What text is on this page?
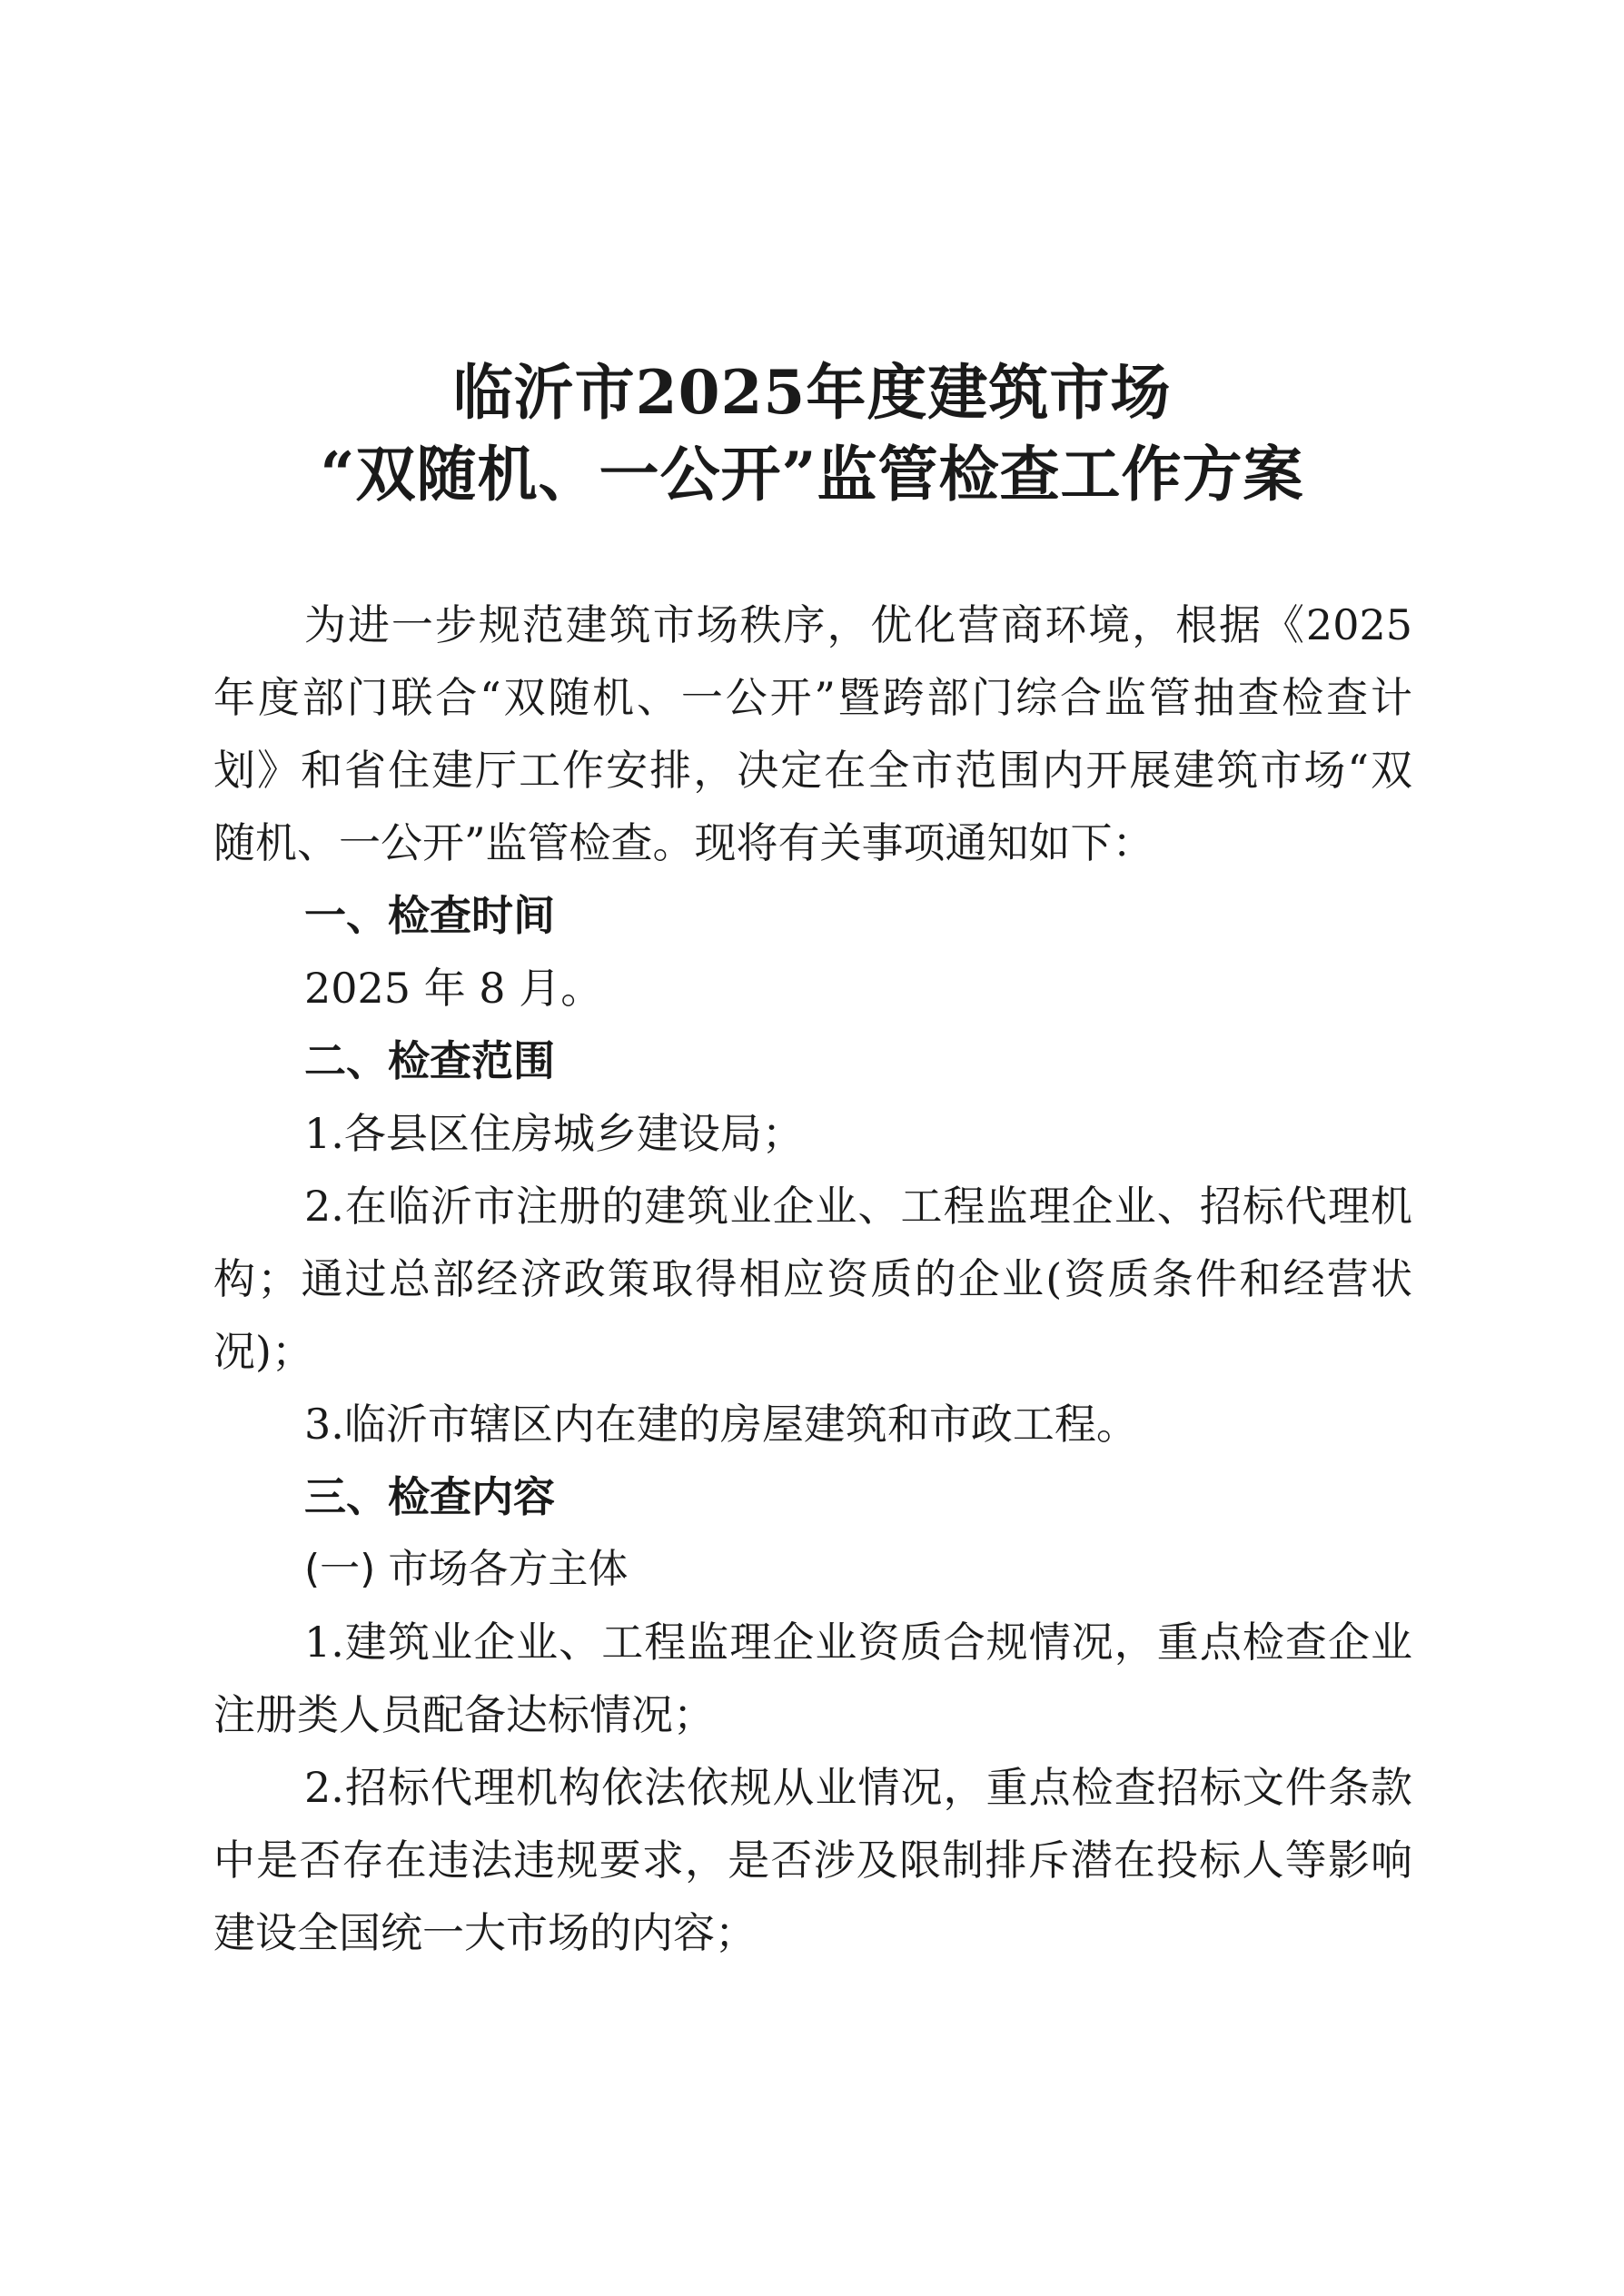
临沂市2025年度建筑市场
“双随机、一公开”监管检查工作方案
为进一步规范建筑市场秩序，优化营商环境，根据《2025
年度部门联合“双随机、一公开”暨跨部门综合监管抽查检查计
划》和省住建厅工作安排，决定在全市范围内开展建筑市场“双
随机、一公开”监管检查。现将有关事项通知如下：
一、检查时间
2025 年 8 月。
二、检查范围
1.各县区住房城乡建设局；
2.在临沂市注册的建筑业企业、工程监理企业、招标代理机
构；通过总部经济政策取得相应资质的企业(资质条件和经营状
况)；
3.临沂市辖区内在建的房屋建筑和市政工程。
三、检查内容
(一) 市场各方主体
1.建筑业企业、工程监理企业资质合规情况，重点检查企业
注册类人员配备达标情况；
2.招标代理机构依法依规从业情况，重点检查招标文件条款
中是否存在违法违规要求，是否涉及限制排斥潜在投标人等影响
建设全国统一大市场的内容；
